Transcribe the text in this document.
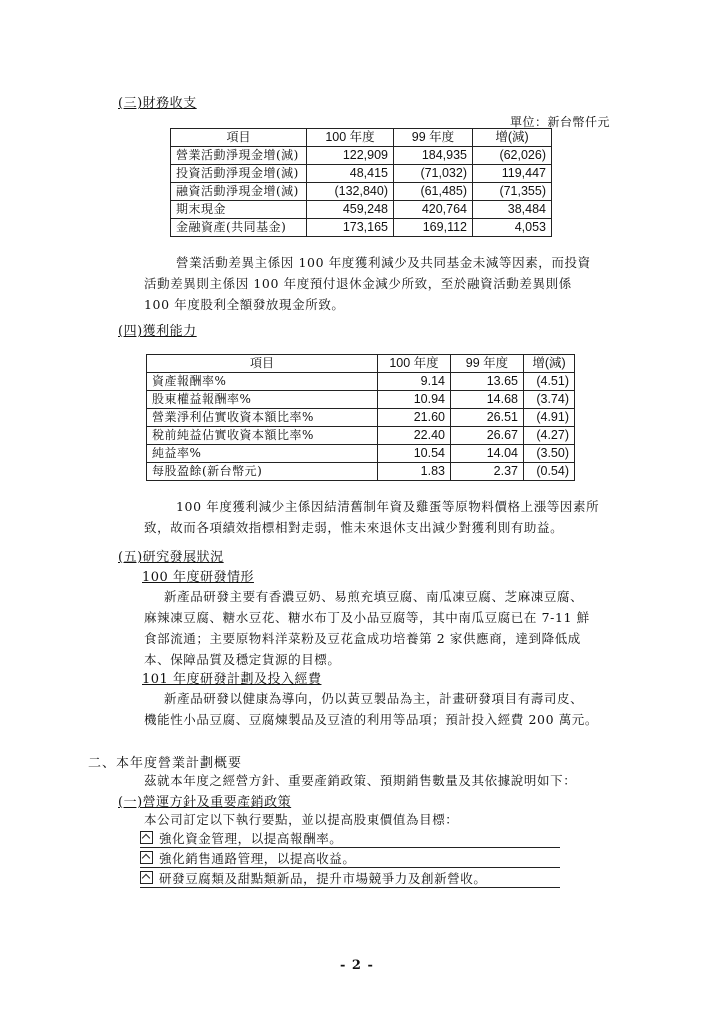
(三)財務收支
單位：新台幣仟元
項目	100 年度	99 年度	增(減)
營業活動淨現金增(減)	122,909	184,935	(62,026)
投資活動淨現金增(減)	48,415	(71,032)	119,447
融資活動淨現金增(減)	(132,840)	(61,485)	(71,355)
期末現金	459,248	420,764	38,484
金融資產(共同基金)	173,165	169,112	4,053
營業活動差異主係因 100 年度獲利減少及共同基金未減等因素，而投資
活動差異則主係因 100 年度預付退休金減少所致，至於融資活動差異則係
100 年度股利全額發放現金所致。
(四)獲利能力
項目	100 年度	99 年度	增(減)
資產報酬率%	9.14	13.65	(4.51)
股東權益報酬率%	10.94	14.68	(3.74)
營業淨利佔實收資本額比率%	21.60	26.51	(4.91)
稅前純益佔實收資本額比率%	22.40	26.67	(4.27)
純益率%	10.54	14.04	(3.50)
每股盈餘(新台幣元)	1.83	2.37	(0.54)
100 年度獲利減少主係因結清舊制年資及雞蛋等原物料價格上漲等因素所
致，故而各項績效指標相對走弱，惟未來退休支出減少對獲利則有助益。
(五)研究發展狀況
100 年度研發情形
新產品研發主要有香濃豆奶、易煎充填豆腐、南瓜凍豆腐、芝麻凍豆腐、
麻辣凍豆腐、糖水豆花、糖水布丁及小品豆腐等，其中南瓜豆腐已在 7-11 鮮
食部流通；主要原物料洋菜粉及豆花盒成功培養第 2 家供應商，達到降低成
本、保障品質及穩定貨源的目標。
101 年度研發計劃及投入經費
新產品研發以健康為導向，仍以黃豆製品為主，計畫研發項目有壽司皮、
機能性小品豆腐、豆腐煉製品及豆渣的利用等品項；預計投入經費 200 萬元。
二、本年度營業計劃概要
茲就本年度之經營方針、重要產銷政策、預期銷售數量及其依據說明如下：
(一)營運方針及重要產銷政策
本公司訂定以下執行要點，並以提高股東價值為目標：
強化資金管理，以提高報酬率。
強化銷售通路管理，以提高收益。
研發豆腐類及甜點類新品，提升市場競爭力及創新營收。
- 2 -
